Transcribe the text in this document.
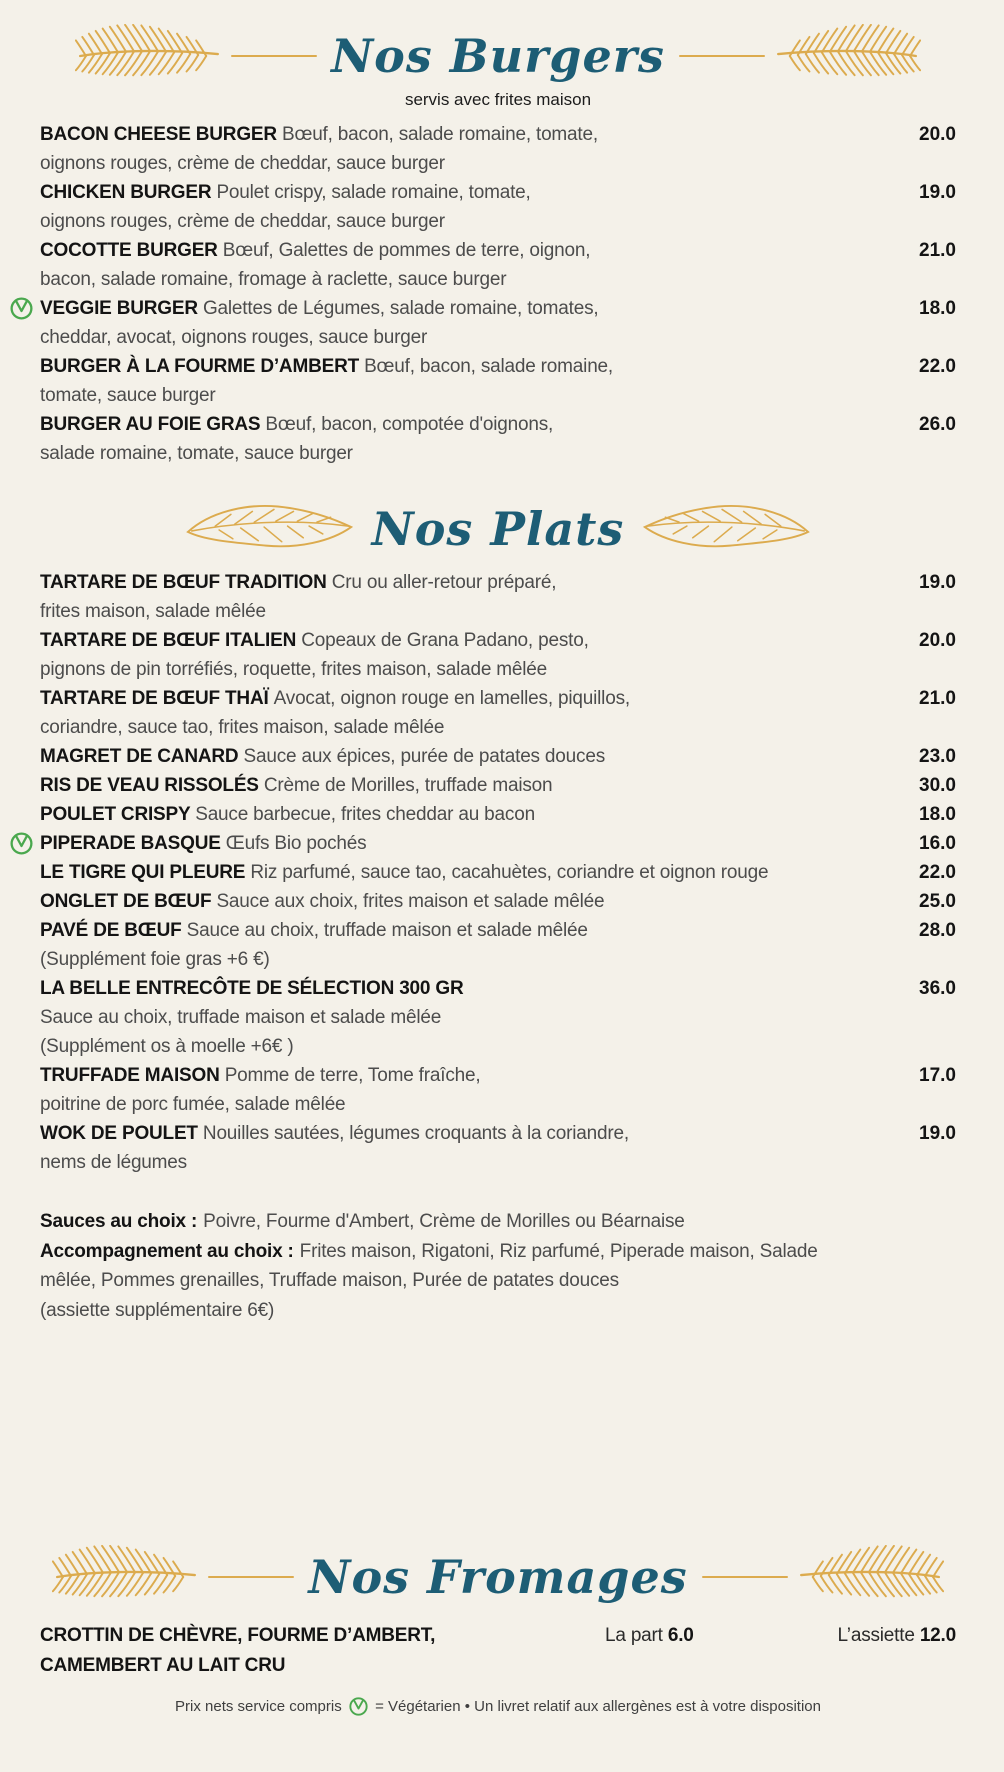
Nos Burgers
servis avec frites maison
BACON CHEESE BURGER Bœuf, bacon, salade romaine, tomate,	20.0
oignons rouges, crème de cheddar, sauce burger
CHICKEN BURGER Poulet crispy, salade romaine, tomate,	19.0
oignons rouges, crème de cheddar, sauce burger
COCOTTE BURGER Bœuf, Galettes de pommes de terre, oignon,	21.0
bacon, salade romaine, fromage à raclette, sauce burger
VEGGIE BURGER Galettes de Légumes, salade romaine, tomates,	18.0
cheddar, avocat, oignons rouges, sauce burger
BURGER À LA FOURME D’AMBERT Bœuf, bacon, salade romaine,	22.0
tomate, sauce burger
BURGER AU FOIE GRAS Bœuf, bacon, compotée d'oignons,	26.0
salade romaine, tomate, sauce burger
Nos Plats
TARTARE DE BŒUF TRADITION Cru ou aller-retour préparé,	19.0
frites maison, salade mêlée
TARTARE DE BŒUF ITALIEN Copeaux de Grana Padano, pesto,	20.0
pignons de pin torréfiés, roquette, frites maison, salade mêlée
TARTARE DE BŒUF THAÏ Avocat, oignon rouge en lamelles, piquillos,	21.0
coriandre, sauce tao, frites maison, salade mêlée
MAGRET DE CANARD Sauce aux épices, purée de patates douces	23.0
RIS DE VEAU RISSOLÉS Crème de Morilles, truffade maison	30.0
POULET CRISPY Sauce barbecue, frites cheddar au bacon	18.0
PIPERADE BASQUE Œufs Bio pochés	16.0
LE TIGRE QUI PLEURE Riz parfumé, sauce tao, cacahuètes, coriandre et oignon rouge	22.0
ONGLET DE BŒUF Sauce aux choix, frites maison et salade mêlée	25.0
PAVÉ DE BŒUF Sauce au choix, truffade maison et salade mêlée	28.0
(Supplément foie gras +6 €)
LA BELLE ENTRECÔTE DE SÉLECTION 300 GR	36.0
Sauce au choix, truffade maison et salade mêlée
(Supplément os à moelle +6€ )
TRUFFADE MAISON Pomme de terre, Tome fraîche,	17.0
poitrine de porc fumée, salade mêlée
WOK DE POULET Nouilles sautées, légumes croquants à la coriandre,	19.0
nems de légumes
Sauces au choix : Poivre, Fourme d'Ambert, Crème de Morilles ou Béarnaise
Accompagnement au choix : Frites maison, Rigatoni, Riz parfumé, Piperade maison, Salade
mêlée, Pommes grenailles, Truffade maison, Purée de patates douces
(assiette supplémentaire 6€)
Nos Fromages
CROTTIN DE CHÈVRE, FOURME D’AMBERT,
CAMEMBERT AU LAIT CRU
La part 6.0	L’assiette 12.0
Prix nets service compris = Végétarien • Un livret relatif aux allergènes est à votre disposition
